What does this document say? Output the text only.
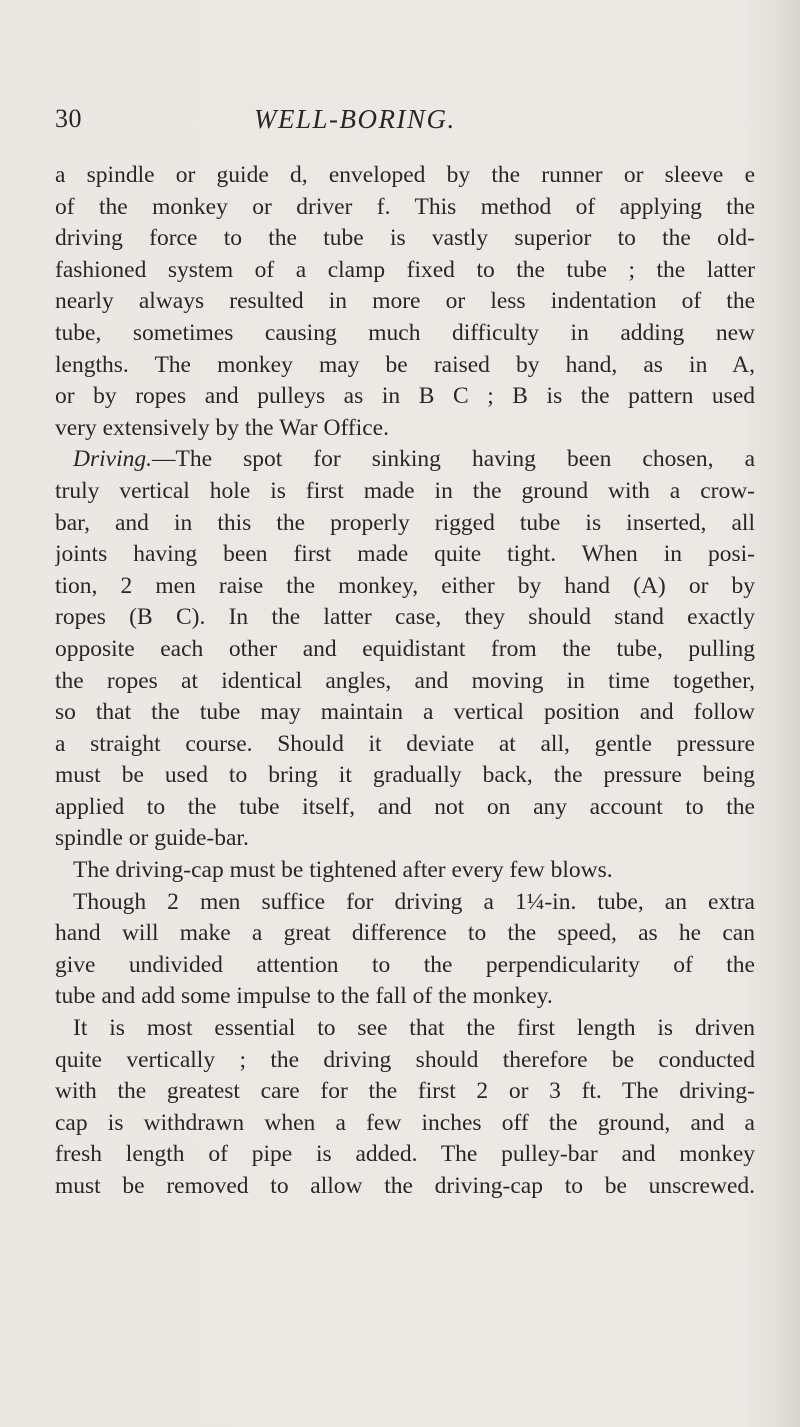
30	WELL-BORING.
a spindle or guide d, enveloped by the runner or sleeve e
of the monkey or driver f. This method of applying the
driving force to the tube is vastly superior to the old-
fashioned system of a clamp fixed to the tube ; the latter
nearly always resulted in more or less indentation of the
tube, sometimes causing much difficulty in adding new
lengths. The monkey may be raised by hand, as in A,
or by ropes and pulleys as in B C ; B is the pattern used
very extensively by the War Office.
Driving.—The spot for sinking having been chosen, a
truly vertical hole is first made in the ground with a crow-
bar, and in this the properly rigged tube is inserted, all
joints having been first made quite tight. When in posi-
tion, 2 men raise the monkey, either by hand (A) or by
ropes (B C). In the latter case, they should stand exactly
opposite each other and equidistant from the tube, pulling
the ropes at identical angles, and moving in time together,
so that the tube may maintain a vertical position and follow
a straight course. Should it deviate at all, gentle pressure
must be used to bring it gradually back, the pressure being
applied to the tube itself, and not on any account to the
spindle or guide-bar.
The driving-cap must be tightened after every few blows.
Though 2 men suffice for driving a 1¼-in. tube, an extra
hand will make a great difference to the speed, as he can
give undivided attention to the perpendicularity of the
tube and add some impulse to the fall of the monkey.
It is most essential to see that the first length is driven
quite vertically ; the driving should therefore be conducted
with the greatest care for the first 2 or 3 ft. The driving-
cap is withdrawn when a few inches off the ground, and a
fresh length of pipe is added. The pulley-bar and monkey
must be removed to allow the driving-cap to be unscrewed.
